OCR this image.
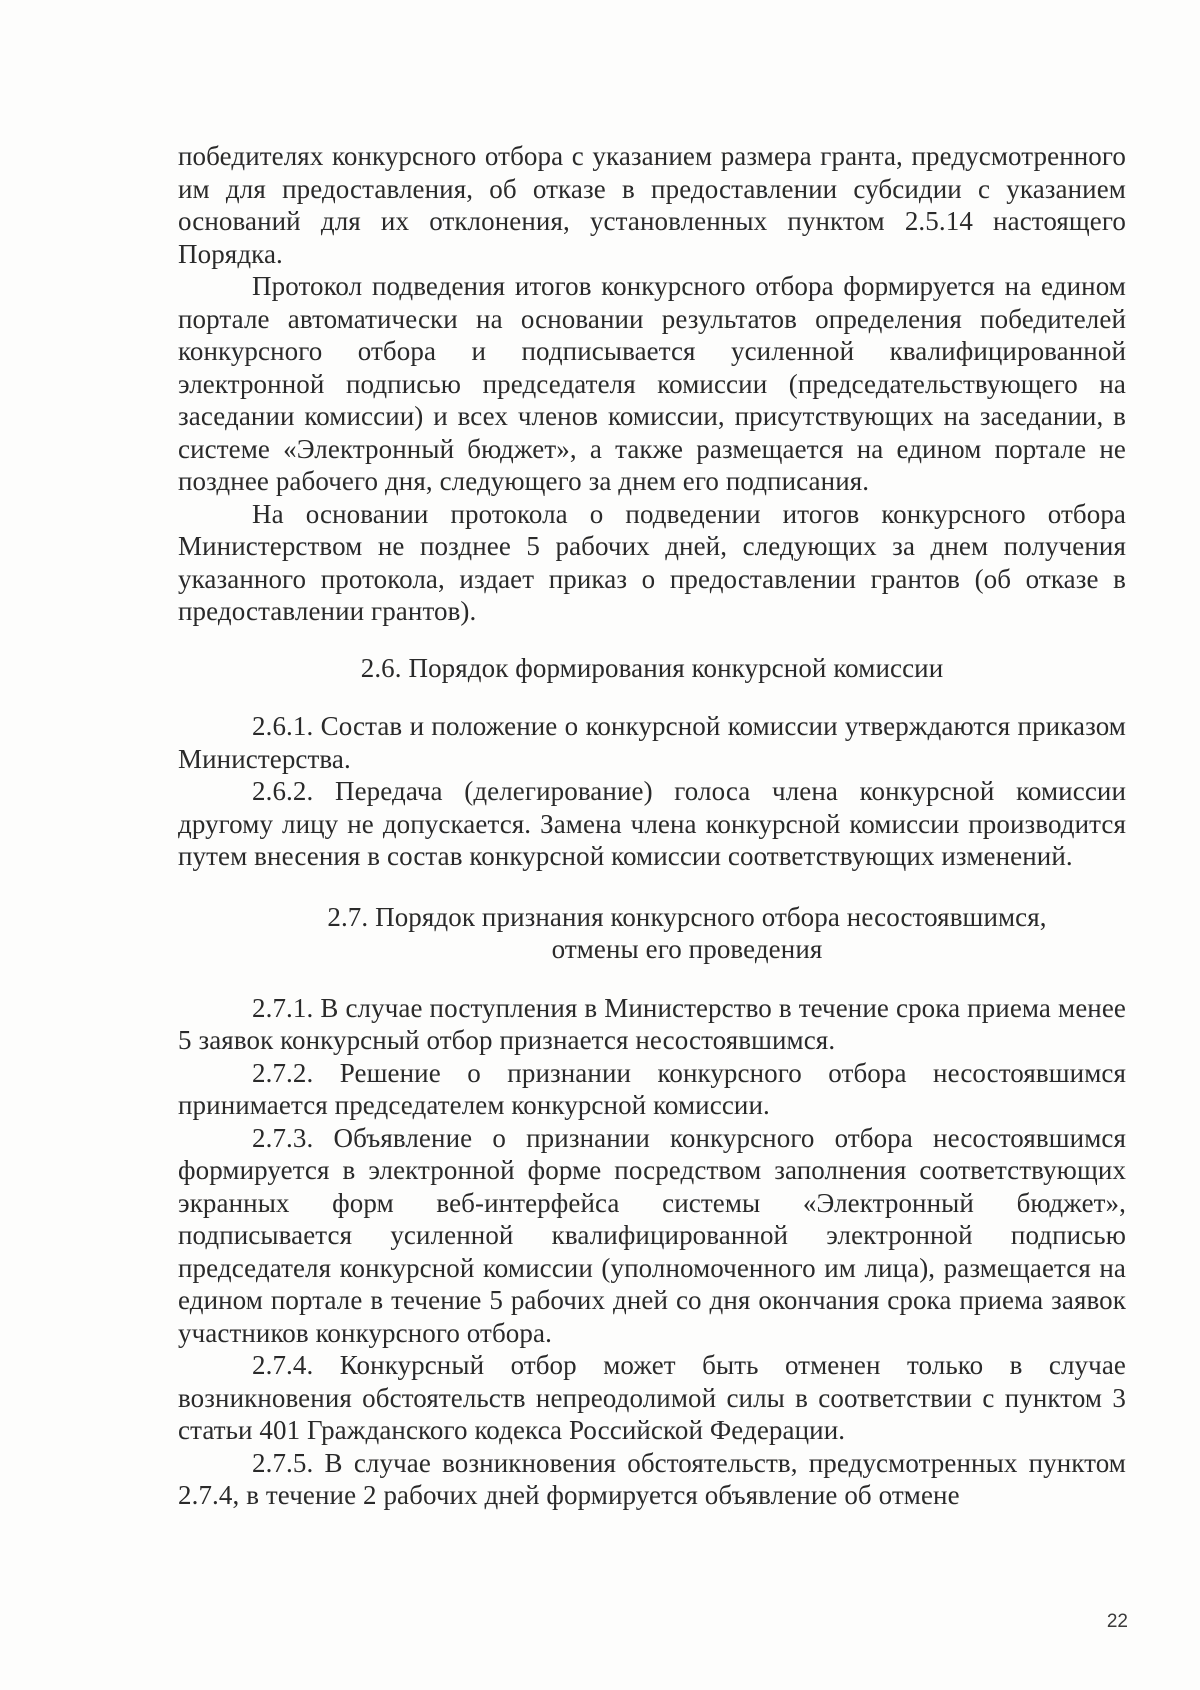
победителях конкурсного отбора с указанием размера гранта, предусмотренного им для предоставления, об отказе в предоставлении субсидии с указанием оснований для их отклонения, установленных пунктом 2.5.14 настоящего Порядка.

Протокол подведения итогов конкурсного отбора формируется на едином портале автоматически на основании результатов определения победителей конкурсного отбора и подписывается усиленной квалифицированной электронной подписью председателя комиссии (председательствующего на заседании комиссии) и всех членов комиссии, присутствующих на заседании, в системе «Электронный бюджет», а также размещается на едином портале не позднее рабочего дня, следующего за днем его подписания.

На основании протокола о подведении итогов конкурсного отбора Министерством не позднее 5 рабочих дней, следующих за днем получения указанного протокола, издает приказ о предоставлении грантов (об отказе в предоставлении грантов).

2.6. Порядок формирования конкурсной комиссии

2.6.1. Состав и положение о конкурсной комиссии утверждаются приказом Министерства.

2.6.2. Передача (делегирование) голоса члена конкурсной комиссии другому лицу не допускается. Замена члена конкурсной комиссии производится путем внесения в состав конкурсной комиссии соответствующих изменений.

2.7. Порядок признания конкурсного отбора несостоявшимся,
отмены его проведения

2.7.1. В случае поступления в Министерство в течение срока приема менее 5 заявок конкурсный отбор признается несостоявшимся.

2.7.2. Решение о признании конкурсного отбора несостоявшимся принимается председателем конкурсной комиссии.

2.7.3. Объявление о признании конкурсного отбора несостоявшимся формируется в электронной форме посредством заполнения соответствующих экранных форм веб-интерфейса системы «Электронный бюджет», подписывается усиленной квалифицированной электронной подписью председателя конкурсной комиссии (уполномоченного им лица), размещается на едином портале в течение 5 рабочих дней со дня окончания срока приема заявок участников конкурсного отбора.

2.7.4. Конкурсный отбор может быть отменен только в случае возникновения обстоятельств непреодолимой силы в соответствии с пунктом 3 статьи 401 Гражданского кодекса Российской Федерации.

2.7.5. В случае возникновения обстоятельств, предусмотренных пунктом 2.7.4, в течение 2 рабочих дней формируется объявление об отмене

22
